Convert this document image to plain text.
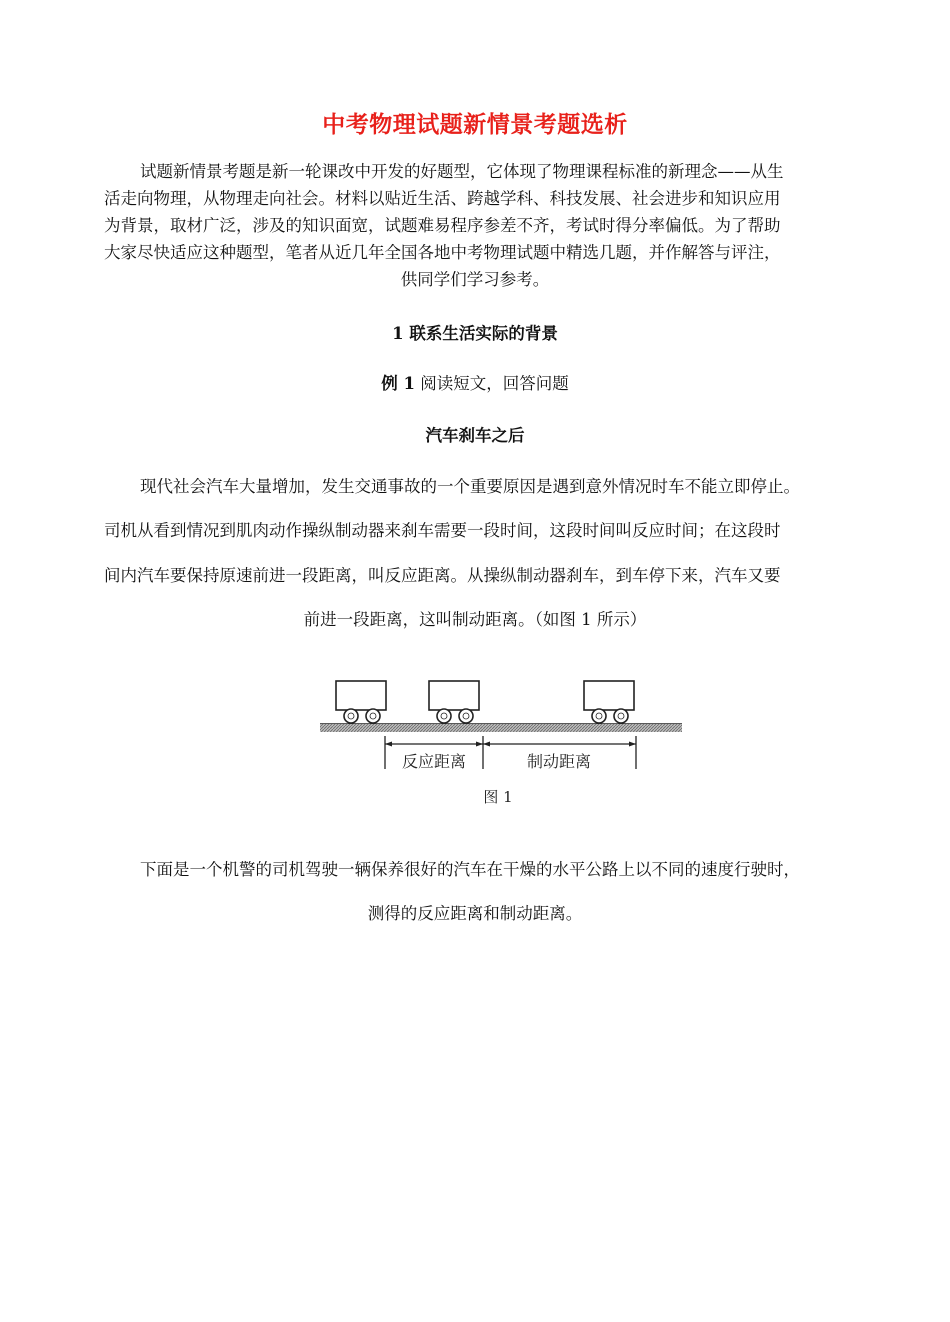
中考物理试题新情景考题选析
试题新情景考题是新一轮课改中开发的好题型，它体现了物理课程标准的新理念——从生
活走向物理，从物理走向社会。材料以贴近生活、跨越学科、科技发展、社会进步和知识应用
为背景，取材广泛，涉及的知识面宽，试题难易程序参差不齐，考试时得分率偏低。为了帮助
大家尽快适应这种题型，笔者从近几年全国各地中考物理试题中精选几题，并作解答与评注，
供同学们学习参考。
1 联系生活实际的背景
例 1 阅读短文，回答问题
汽车刹车之后
现代社会汽车大量增加，发生交通事故的一个重要原因是遇到意外情况时车不能立即停止。
司机从看到情况到肌肉动作操纵制动器来刹车需要一段时间，这段时间叫反应时间；在这段时
间内汽车要保持原速前进一段距离，叫反应距离。从操纵制动器刹车，到车停下来，汽车又要
前进一段距离，这叫制动距离。（如图 1 所示）
反应距离	制动距离
图 1
下面是一个机警的司机驾驶一辆保养很好的汽车在干燥的水平公路上以不同的速度行驶时，
测得的反应距离和制动距离。
